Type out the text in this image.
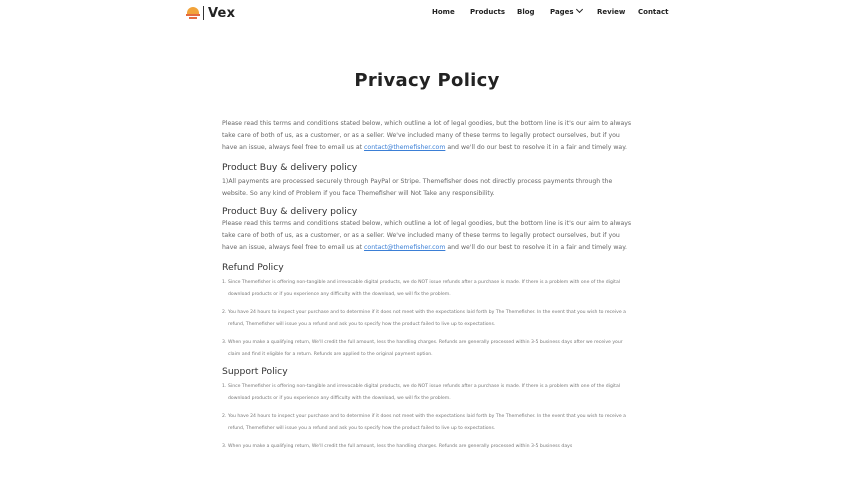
Vex	Home Products Blog Pages	Review Contact
Privacy Policy

Please read this terms and conditions stated below, which outline a lot of legal goodies, but the bottom line is it's our aim to always take care of both of us, as a customer, or as a seller. We've included many of these terms to legally protect ourselves, but if you have an issue, always feel free to email us at contact@themefisher.com and we'll do our best to resolve it in a fair and timely way.

Product Buy & delivery policy

1)All payments are processed securely through PayPal or Stripe. Themefisher does not directly process payments through the website. So any kind of Problem if you face Themefisher will Not Take any responsibility.

Product Buy & delivery policy

Please read this terms and conditions stated below, which outline a lot of legal goodies, but the bottom line is it's our aim to always take care of both of us, as a customer, or as a seller. We've included many of these terms to legally protect ourselves, but if you have an issue, always feel free to email us at contact@themefisher.com and we'll do our best to resolve it in a fair and timely way.

Refund Policy

1. Since Themefisher is offering non-tangible and irrevocable digital products, we do NOT issue refunds after a purchase is made. If there is a problem with one of the digital download products or if you experience any difficulty with the download, we will fix the problem.
2. You have 24 hours to inspect your purchase and to determine if it does not meet with the expectations laid forth by The Themefisher. In the event that you wish to receive a refund, Themefisher will issue you a refund and ask you to specify how the product failed to live up to expectations.
3. When you make a qualifying return, We'll credit the full amount, less the handling charges. Refunds are generally processed within 3-5 business days after we receive your claim and find it eligible for a return. Refunds are applied to the original payment option.

Support Policy

1. Since Themefisher is offering non-tangible and irrevocable digital products, we do NOT issue refunds after a purchase is made. If there is a problem with one of the digital download products or if you experience any difficulty with the download, we will fix the problem.
2. You have 24 hours to inspect your purchase and to determine if it does not meet with the expectations laid forth by The Themefisher. In the event that you wish to receive a refund, Themefisher will issue you a refund and ask you to specify how the product failed to live up to expectations.
3. When you make a qualifying return, We'll credit the full amount, less the handling charges. Refunds are generally processed within 3-5 business days
